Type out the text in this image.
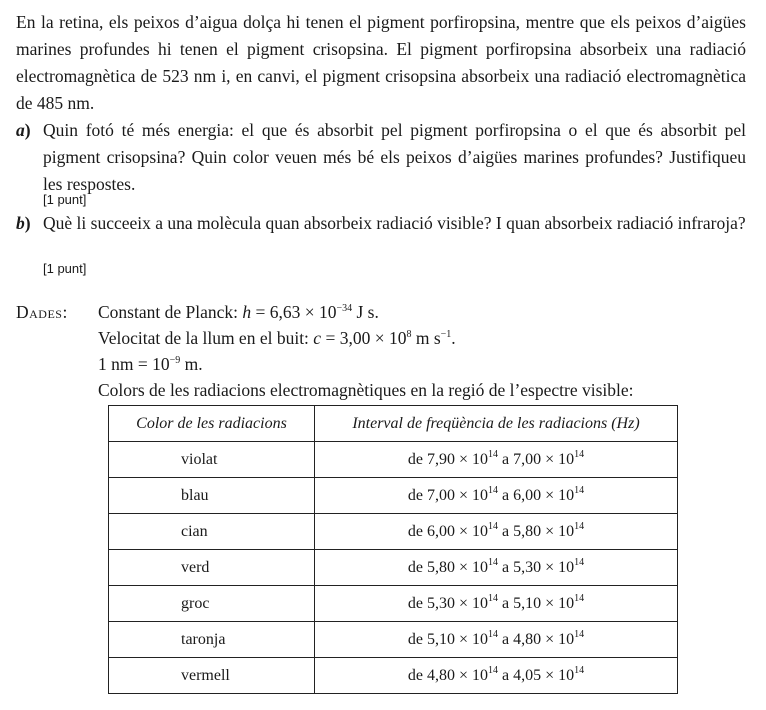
En la retina, els peixos d’aigua dolça hi tenen el pigment porfiropsina, mentre que els peixos d’aigües marines profundes hi tenen el pigment crisopsina. El pigment porfiropsina absorbeix una radiació electromagnètica de 523 nm i, en canvi, el pigment crisopsina absorbeix una radiació electromagnètica de 485 nm.

a) Quin fotó té més energia: el que és absorbit pel pigment porfiropsina o el que és absorbit pel pigment crisopsina? Quin color veuen més bé els peixos d’aigües marines profundes? Justifiqueu les respostes.
[1 punt]
b) Què li succeeix a una molècula quan absorbeix radiació visible? I quan absorbeix radiació infraroja?
[1 punt]
Dades: Constant de Planck: $h = 6,63 \times 10^{-34}$ J s.
Velocitat de la llum en el buit: $c = 3,00 \times 10^8$ m $s^{-1}$.
1 nm = $10^{-9}$ m.
Colors de les radiacions electromagnètiques en la regió de l’espectre visible:
Color de les radiacions	Interval de freqüència de les radiacions (Hz)
violat	de $7,90 \times 10^{14}$ a $7,00 \times 10^{14}$
blau	de $7,00 \times 10^{14}$ a $6,00 \times 10^{14}$
cian	de $6,00 \times 10^{14}$ a $5,80 \times 10^{14}$
verd	de $5,80 \times 10^{14}$ a $5,30 \times 10^{14}$
groc	de $5,30 \times 10^{14}$ a $5,10 \times 10^{14}$
taronja	de $5,10 \times 10^{14}$ a $4,80 \times 10^{14}$
vermell	de $4,80 \times 10^{14}$ a $4,05 \times 10^{14}$
